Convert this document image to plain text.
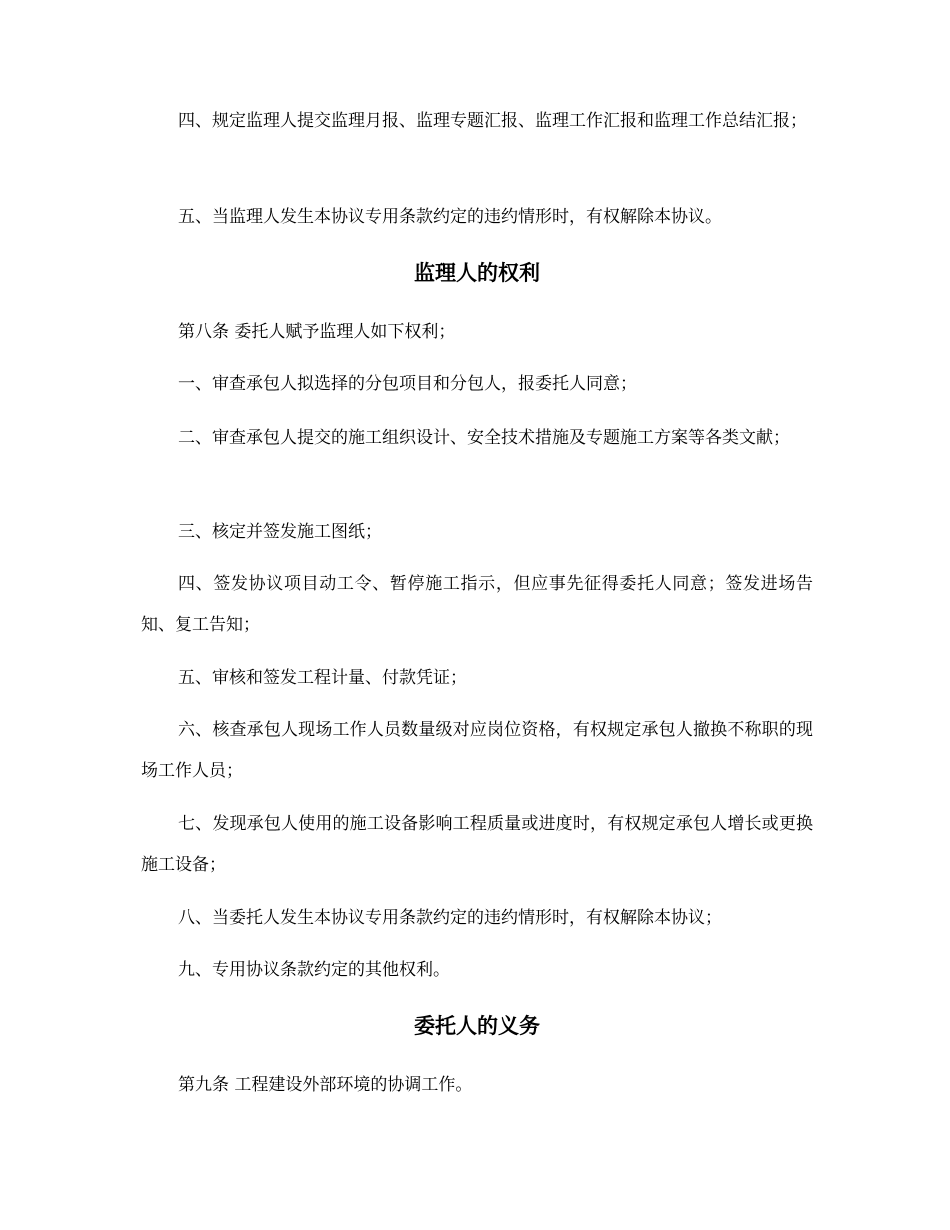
四、规定监理人提交监理月报、监理专题汇报、监理工作汇报和监理工作总结汇报；

五、当监理人发生本协议专用条款约定的违约情形时，有权解除本协议。

监理人的权利

第八条 委托人赋予监理人如下权利；

一、审查承包人拟选择的分包项目和分包人，报委托人同意；

二、审查承包人提交的施工组织设计、安全技术措施及专题施工方案等各类文献；

三、核定并签发施工图纸；

四、签发协议项目动工令、暂停施工指示，但应事先征得委托人同意；签发进场告知、复工告知；

五、审核和签发工程计量、付款凭证；

六、核查承包人现场工作人员数量级对应岗位资格，有权规定承包人撤换不称职的现场工作人员；

七、发现承包人使用的施工设备影响工程质量或进度时，有权规定承包人增长或更换施工设备；

八、当委托人发生本协议专用条款约定的违约情形时，有权解除本协议；

九、专用协议条款约定的其他权利。

委托人的义务

第九条 工程建设外部环境的协调工作。
